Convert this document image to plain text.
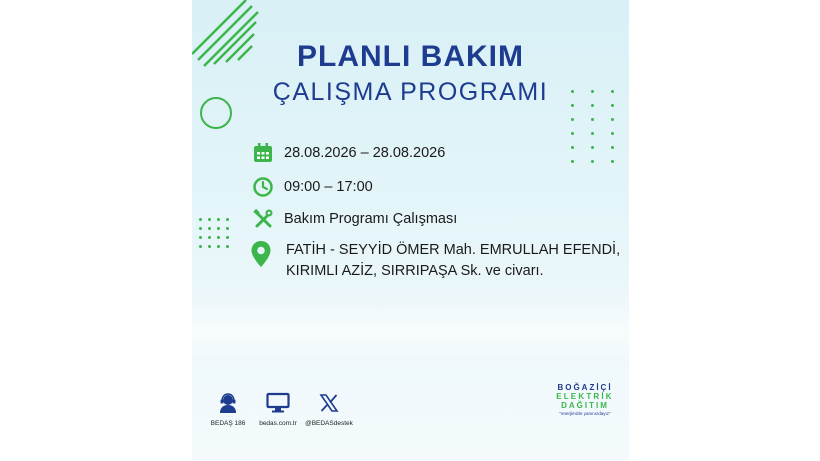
PLANLI BAKIM
ÇALIŞMA PROGRAMI
28.08.2026 – 28.08.2026
09:00 – 17:00
Bakım Programı Çalışması
FATİH - SEYYİD ÖMER Mah. EMRULLAH EFENDİ,
KIRIMLI AZİZ, SIRRIPAŞA Sk. ve civarı.
BEDAŞ 186	bedas.com.tr	@BEDASdestek
BOĞAZİÇİ
ELEKTRİK
DAĞITIM
"enerjimizle yanınızdayız"
